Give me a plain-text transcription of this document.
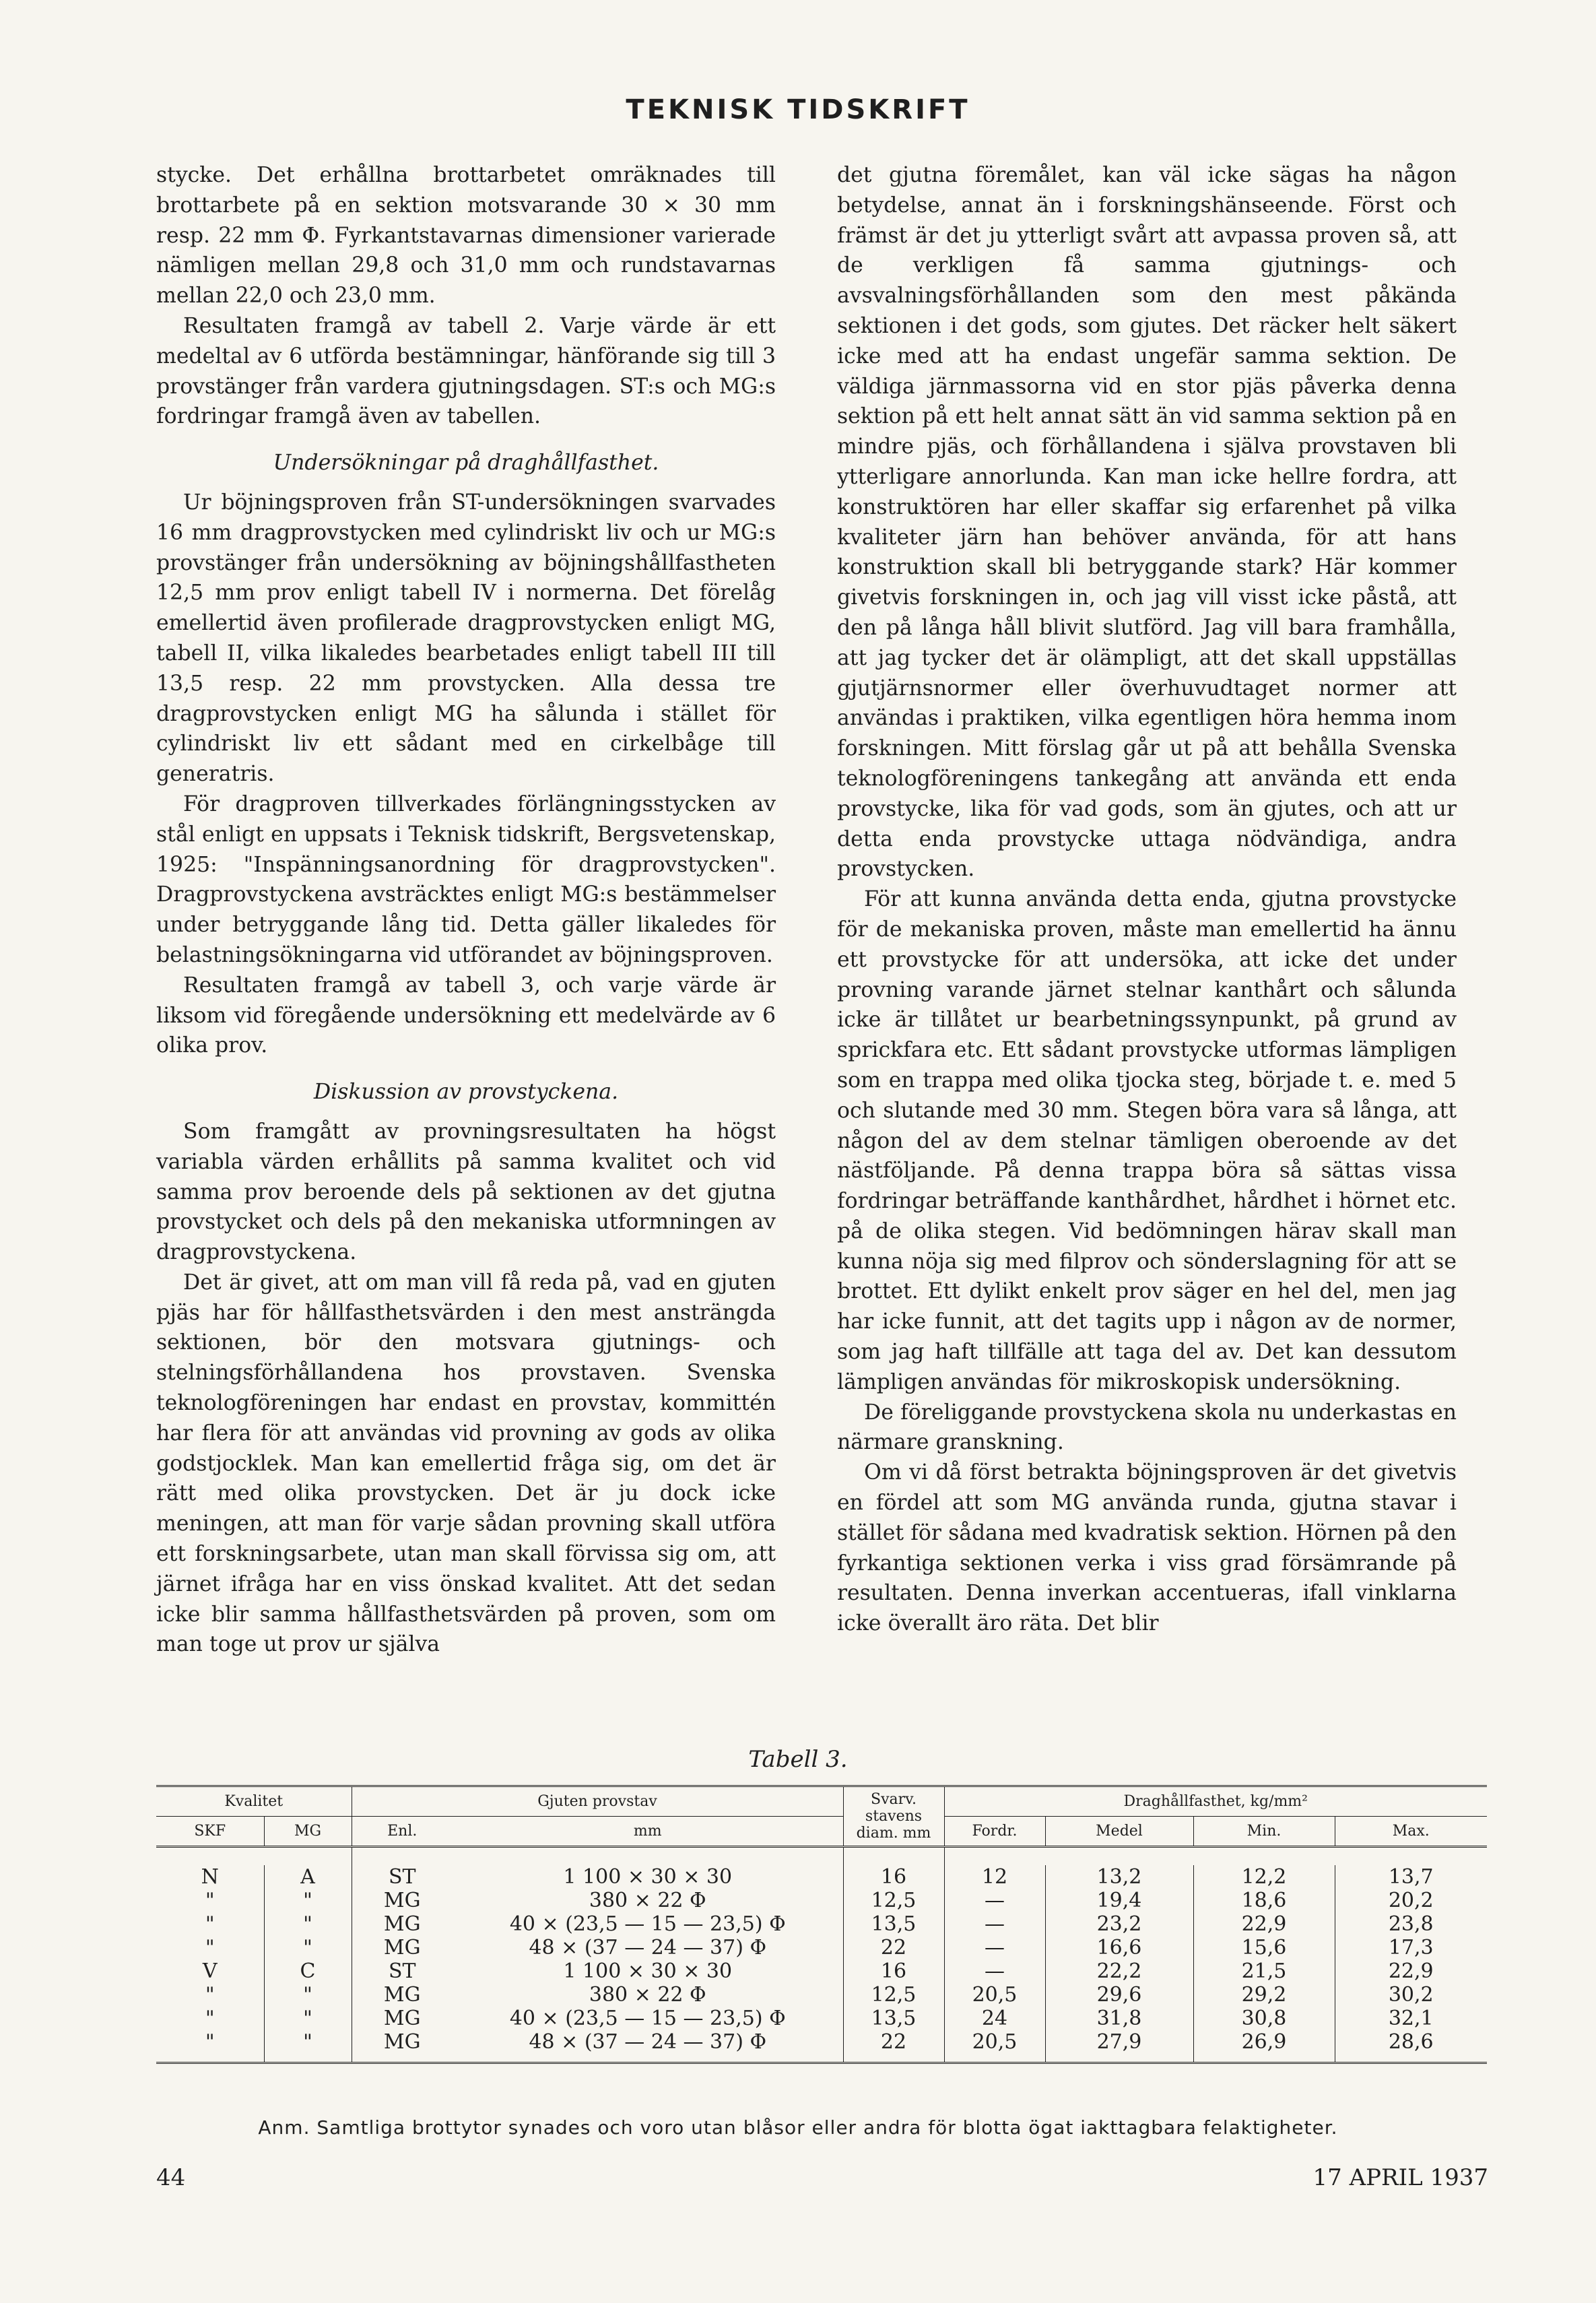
TEKNISK TIDSKRIFT

stycke. Det erhållna brottarbetet omräknades till brottarbete på en sektion motsvarande 30 × 30 mm resp. 22 mm Φ. Fyrkantstavarnas dimensioner varierade nämligen mellan 29,8 och 31,0 mm och rundstavarnas mellan 22,0 och 23,0 mm.

Resultaten framgå av tabell 2. Varje värde är ett medeltal av 6 utförda bestämningar, hänförande sig till 3 provstänger från vardera gjutningsdagen. ST:s och MG:s fordringar framgå även av tabellen.

Undersökningar på draghållfasthet.

Ur böjningsproven från ST-undersökningen svarvades 16 mm dragprovstycken med cylindriskt liv och ur MG:s provstänger från undersökning av böjningshållfastheten 12,5 mm prov enligt tabell IV i normerna. Det förelåg emellertid även profilerade dragprovstycken enligt MG, tabell II, vilka likaledes bearbetades enligt tabell III till 13,5 resp. 22 mm provstycken. Alla dessa tre dragprovstycken enligt MG ha sålunda i stället för cylindriskt liv ett sådant med en cirkelbåge till generatris.

För dragproven tillverkades förlängningsstycken av stål enligt en uppsats i Teknisk tidskrift, Bergsvetenskap, 1925: "Inspänningsanordning för dragprovstycken". Dragprovstyckena avsträcktes enligt MG:s bestämmelser under betryggande lång tid. Detta gäller likaledes för belastningsökningarna vid utförandet av böjningsproven.

Resultaten framgå av tabell 3, och varje värde är liksom vid föregående undersökning ett medelvärde av 6 olika prov.

Diskussion av provstyckena.

Som framgått av provningsresultaten ha högst variabla värden erhållits på samma kvalitet och vid samma prov beroende dels på sektionen av det gjutna provstycket och dels på den mekaniska utformningen av dragprovstyckena.

Det är givet, att om man vill få reda på, vad en gjuten pjäs har för hållfasthetsvärden i den mest ansträngda sektionen, bör den motsvara gjutnings- och stelningsförhållandena hos provstaven. Svenska teknologföreningen har endast en provstav, kommittén har flera för att användas vid provning av gods av olika godstjocklek. Man kan emellertid fråga sig, om det är rätt med olika provstycken. Det är ju dock icke meningen, att man för varje sådan provning skall utföra ett forskningsarbete, utan man skall förvissa sig om, att järnet ifråga har en viss önskad kvalitet. Att det sedan icke blir samma hållfasthetsvärden på proven, som om man toge ut prov ur själva

det gjutna föremålet, kan väl icke sägas ha någon betydelse, annat än i forskningshänseende. Först och främst är det ju ytterligt svårt att avpassa proven så, att de verkligen få samma gjutnings- och avsvalningsförhållanden som den mest påkända sektionen i det gods, som gjutes. Det räcker helt säkert icke med att ha endast ungefär samma sektion. De väldiga järnmassorna vid en stor pjäs påverka denna sektion på ett helt annat sätt än vid samma sektion på en mindre pjäs, och förhållandena i själva provstaven bli ytterligare annorlunda. Kan man icke hellre fordra, att konstruktören har eller skaffar sig erfarenhet på vilka kvaliteter järn han behöver använda, för att hans konstruktion skall bli betryggande stark? Här kommer givetvis forskningen in, och jag vill visst icke påstå, att den på långa håll blivit slutförd. Jag vill bara framhålla, att jag tycker det är olämpligt, att det skall uppställas gjutjärnsnormer eller överhuvudtaget normer att användas i praktiken, vilka egentligen höra hemma inom forskningen. Mitt förslag går ut på att behålla Svenska teknologföreningens tankegång att använda ett enda provstycke, lika för vad gods, som än gjutes, och att ur detta enda provstycke uttaga nödvändiga, andra provstycken.

För att kunna använda detta enda, gjutna provstycke för de mekaniska proven, måste man emellertid ha ännu ett provstycke för att undersöka, att icke det under provning varande järnet stelnar kanthårt och sålunda icke är tillåtet ur bearbetningssynpunkt, på grund av sprickfara etc. Ett sådant provstycke utformas lämpligen som en trappa med olika tjocka steg, började t. e. med 5 och slutande med 30 mm. Stegen böra vara så långa, att någon del av dem stelnar tämligen oberoende av det nästföljande. På denna trappa böra så sättas vissa fordringar beträffande kanthårdhet, hårdhet i hörnet etc. på de olika stegen. Vid bedömningen härav skall man kunna nöja sig med filprov och sönderslagning för att se brottet. Ett dylikt enkelt prov säger en hel del, men jag har icke funnit, att det tagits upp i någon av de normer, som jag haft tillfälle att taga del av. Det kan dessutom lämpligen användas för mikroskopisk undersökning.

De föreliggande provstyckena skola nu underkastas en närmare granskning.

Om vi då först betrakta böjningsproven är det givetvis en fördel att som MG använda runda, gjutna stavar i stället för sådana med kvadratisk sektion. Hörnen på den fyrkantiga sektionen verka i viss grad försämrande på resultaten. Denna inverkan accentueras, ifall vinklarna icke överallt äro räta. Det blir

Tabell 3.
Kvalitet		Gjuten provstav		Svarv. stavens diam. mm	Draghållfasthet, kg/mm²			
SKF	MG	Enl.	mm		Fordr.	Medel	Min.	Max.

N	A	ST	1 100 × 30 × 30	16	12	13,2	12,2	13,7
"	"	MG	380 × 22 Φ	12,5	—	19,4	18,6	20,2
"	"	MG	40 × (23,5 — 15 — 23,5) Φ	13,5	—	23,2	22,9	23,8
"	"	MG	48 × (37 — 24 — 37) Φ	22	—	16,6	15,6	17,3
V	C	ST	1 100 × 30 × 30	16	—	22,2	21,5	22,9
"	"	MG	380 × 22 Φ	12,5	20,5	29,6	29,2	30,2
"	"	MG	40 × (23,5 — 15 — 23,5) Φ	13,5	24	31,8	30,8	32,1
"	"	MG	48 × (37 — 24 — 37) Φ	22	20,5	27,9	26,9	28,6
Anm. Samtliga brottytor synades och voro utan blåsor eller andra för blotta ögat iakttagbara felaktigheter.
44	17 APRIL 1937
